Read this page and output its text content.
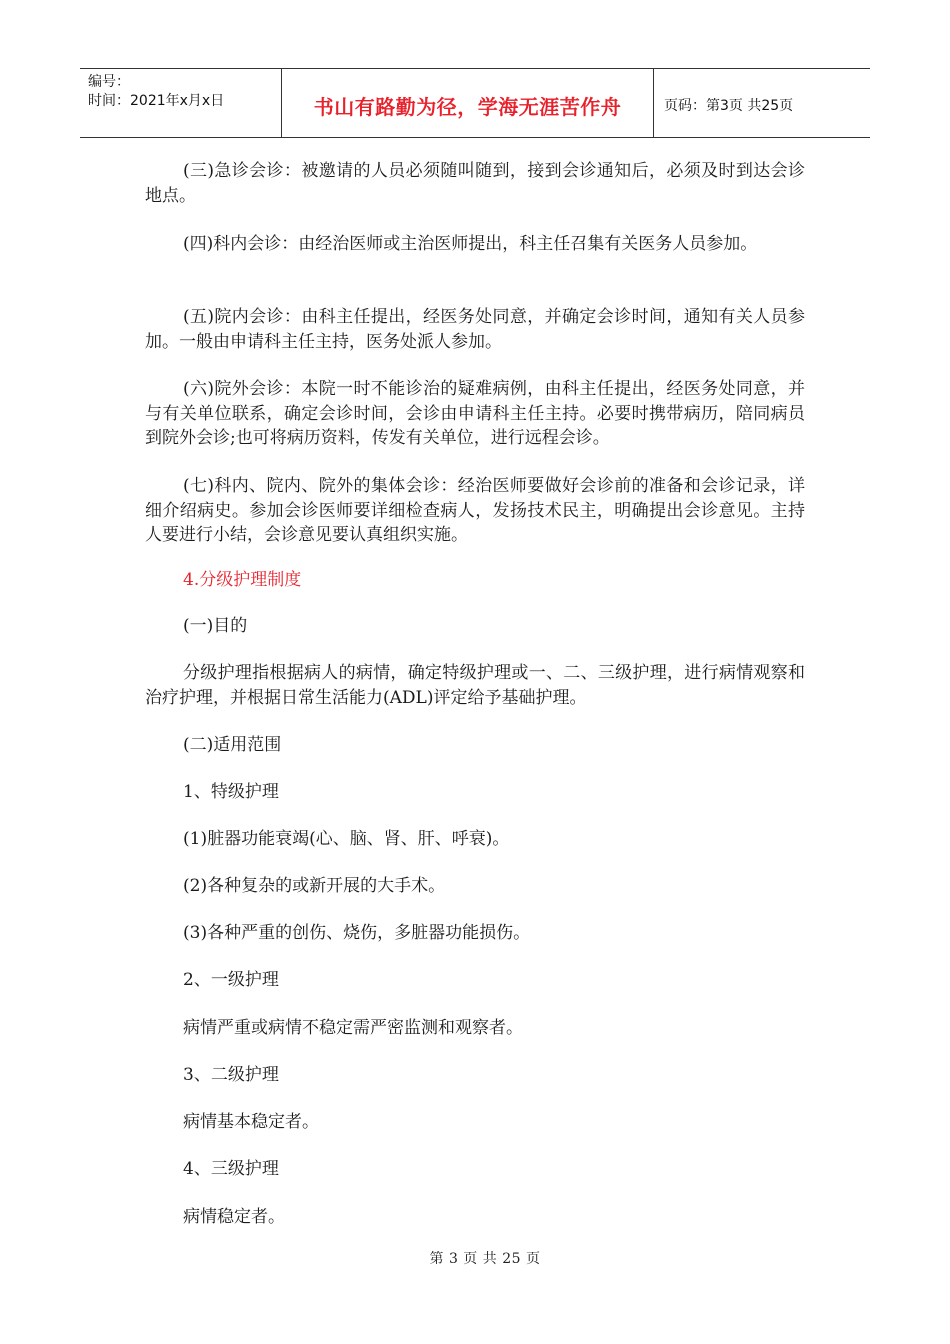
编号：
时间：2021年x月x日	书山有路勤为径，学海无涯苦作舟	页码：第3页 共25页
(三)急诊会诊：被邀请的人员必须随叫随到，接到会诊通知后，必须及时到达会诊地点。
(四)科内会诊：由经治医师或主治医师提出，科主任召集有关医务人员参加。
(五)院内会诊：由科主任提出，经医务处同意，并确定会诊时间，通知有关人员参加。一般由申请科主任主持，医务处派人参加。
(六)院外会诊：本院一时不能诊治的疑难病例，由科主任提出，经医务处同意，并与有关单位联系，确定会诊时间，会诊由申请科主任主持。必要时携带病历，陪同病员到院外会诊;也可将病历资料，传发有关单位，进行远程会诊。
(七)科内、院内、院外的集体会诊：经治医师要做好会诊前的准备和会诊记录，详细介绍病史。参加会诊医师要详细检查病人，发扬技术民主，明确提出会诊意见。主持人要进行小结，会诊意见要认真组织实施。
4.分级护理制度
(一)目的
分级护理指根据病人的病情，确定特级护理或一、二、三级护理，进行病情观察和治疗护理，并根据日常生活能力(ADL)评定给予基础护理。
(二)适用范围
1、特级护理
(1)脏器功能衰竭(心、脑、肾、肝、呼衰)。
(2)各种复杂的或新开展的大手术。
(3)各种严重的创伤、烧伤，多脏器功能损伤。
2、一级护理
病情严重或病情不稳定需严密监测和观察者。
3、二级护理
病情基本稳定者。
4、三级护理
病情稳定者。
第 3 页 共 25 页
